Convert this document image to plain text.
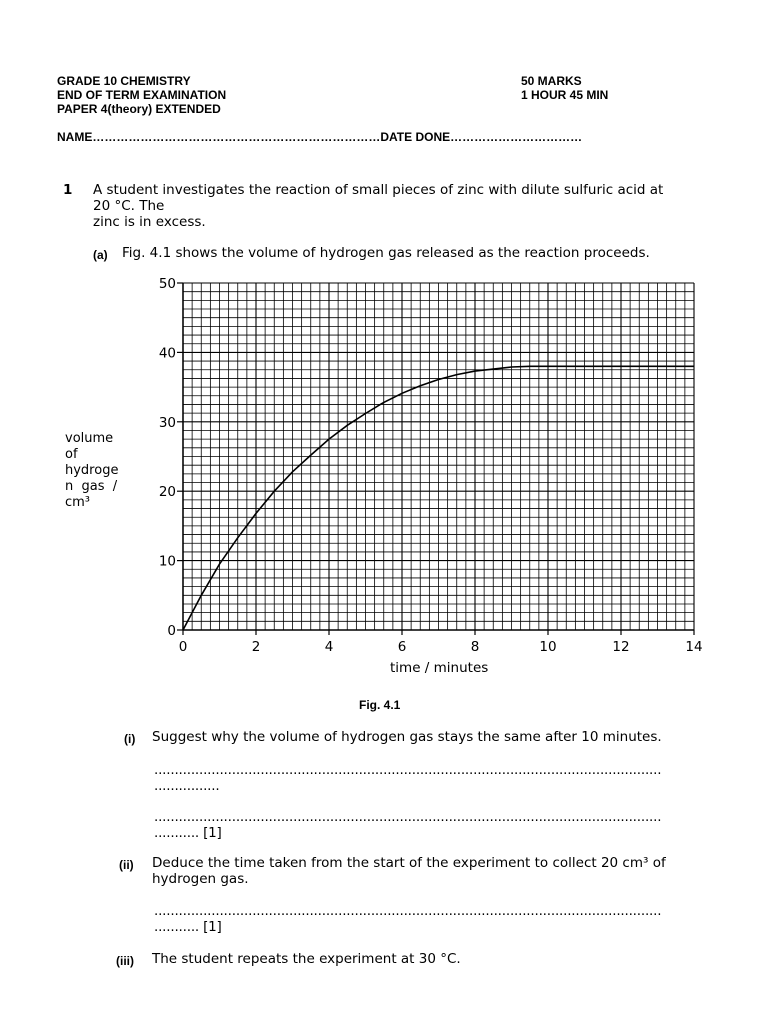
GRADE 10 CHEMISTRY
END OF TERM EXAMINATION
PAPER 4(theory) EXTENDED
50 MARKS
1 HOUR 45 MIN
NAME………………………………………………………………DATE DONE……………………………
1 A student investigates the reaction of small pieces of zinc with dilute sulfuric acid at
20 °C. The
zinc is in excess.
(a) Fig. 4.1 shows the volume of hydrogen gas released as the reaction proceeds.
volume
of
hydroge
n  gas  /
cm³
0	2	4	6	8	10	12	14
0
10
20
30
40
50
time / minutes
Fig. 4.1
(i) Suggest why the volume of hydrogen gas stays the same after 10 minutes.
............................................................................................................................
................
............................................................................................................................
........... [1]
(ii) Deduce the time taken from the start of the experiment to collect 20 cm³ of
hydrogen gas.
............................................................................................................................
........... [1]
(iii) The student repeats the experiment at 30 °C.
